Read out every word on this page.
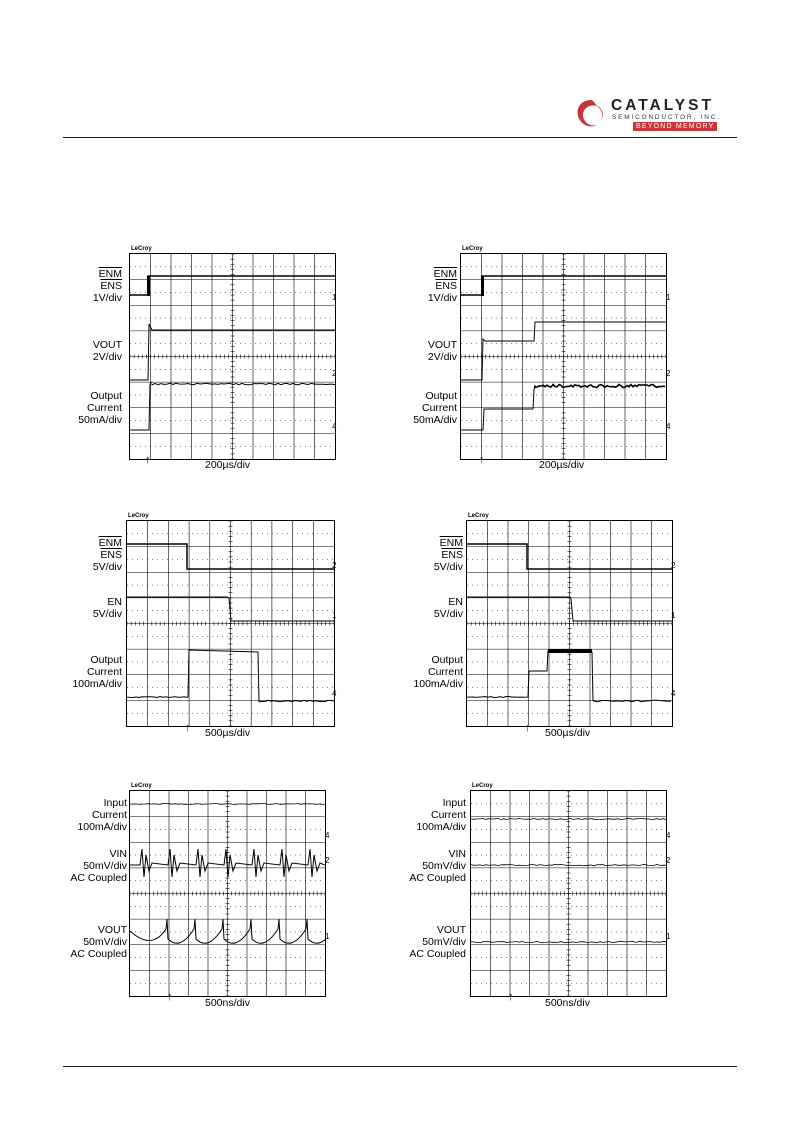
CATALYST
SEMICONDUCTOR, INC.
BEYOND MEMORY
LeCroy
$\overline{ENM}$
$\overline{ENS}$
1V/div
VOUT
2V/div
Output
Current
50mA/div
1
2
4
↑	200µs/div
LeCroy
$\overline{ENM}$
$\overline{ENS}$
1V/div
VOUT
2V/div
Output
Current
50mA/div
1
2
4
↑	200µs/div
LeCroy
$\overline{ENM}$
$\overline{ENS}$
5V/div
EN
5V/div
Output
Current
100mA/div
2
1
4
↑ 500µs/div
LeCroy
$\overline{ENM}$
$\overline{ENS}$
5V/div
EN
5V/div
Output
Current
100mA/div
2
1
4
↑ 500µs/div
LeCroy
Input
Current
100mA/div
VIN
50mV/div
AC Coupled
VOUT
50mV/div
AC Coupled
4
2
1
↑	500ns/div
LeCroy
Input
Current
100mA/div
VIN
50mV/div
AC Coupled
VOUT
50mV/div
AC Coupled
4
2
1
↑	500ns/div
